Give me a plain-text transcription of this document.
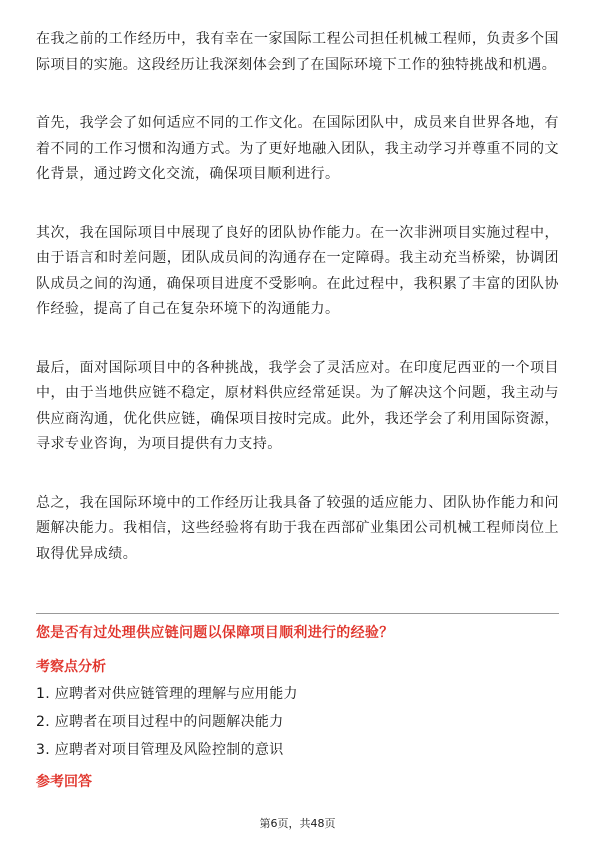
在我之前的工作经历中，我有幸在一家国际工程公司担任机械工程师，负责多个国际项目的实施。这段经历让我深刻体会到了在国际环境下工作的独特挑战和机遇。

首先，我学会了如何适应不同的工作文化。在国际团队中，成员来自世界各地，有着不同的工作习惯和沟通方式。为了更好地融入团队，我主动学习并尊重不同的文化背景，通过跨文化交流，确保项目顺利进行。

其次，我在国际项目中展现了良好的团队协作能力。在一次非洲项目实施过程中，由于语言和时差问题，团队成员间的沟通存在一定障碍。我主动充当桥梁，协调团队成员之间的沟通，确保项目进度不受影响。在此过程中，我积累了丰富的团队协作经验，提高了自己在复杂环境下的沟通能力。

最后，面对国际项目中的各种挑战，我学会了灵活应对。在印度尼西亚的一个项目中，由于当地供应链不稳定，原材料供应经常延误。为了解决这个问题，我主动与供应商沟通，优化供应链，确保项目按时完成。此外，我还学会了利用国际资源，寻求专业咨询，为项目提供有力支持。

总之，我在国际环境中的工作经历让我具备了较强的适应能力、团队协作能力和问题解决能力。我相信，这些经验将有助于我在西部矿业集团公司机械工程师岗位上取得优异成绩。

您是否有过处理供应链问题以保障项目顺利进行的经验？
考察点分析
1. 应聘者对供应链管理的理解与应用能力
2. 应聘者在项目过程中的问题解决能力
3. 应聘者对项目管理及风险控制的意识
参考回答
第6页，共48页
